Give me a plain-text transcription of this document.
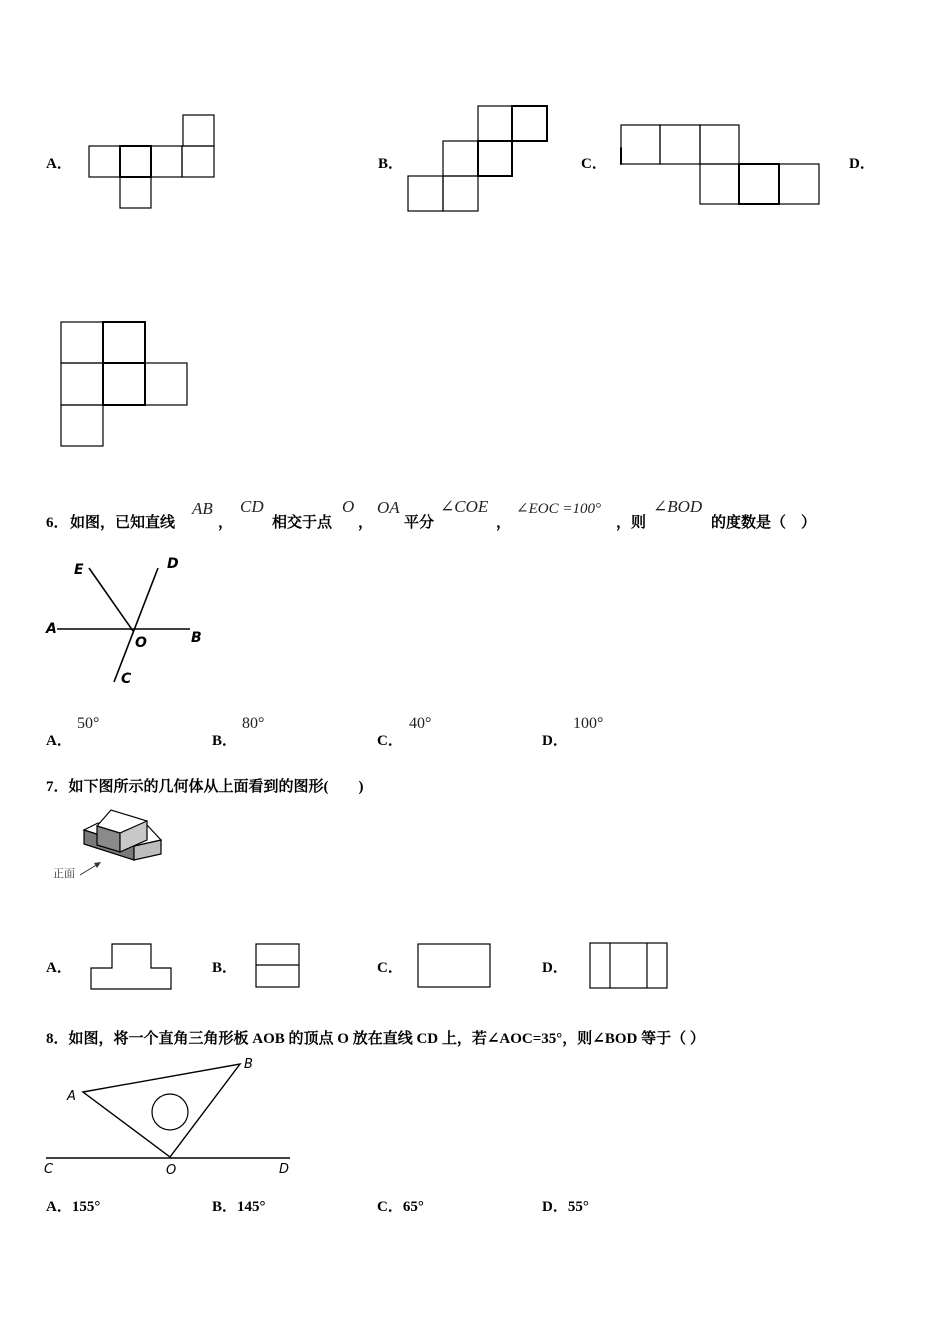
A．	B．	C．	D．
6． 如图，已知直线
AB
，
CD
相交于点
O
，
OA
平分
∠COE
，
∠EOC =100°
，则
∠BOD
的度数是（　）
E	D
A
O	B
C
A．
50°
B．
80°
C．
40°
D．
100°
7．如下图所示的几何体从上面看到的图形(　　)
正面
A．	B．	C．	D．
8．如图，将一个直角三角形板 AOB 的顶点 O 放在直线 CD 上，若∠AOC=35°，则∠BOD 等于（ ）
A
B
C	O	D
A．155°	B．145°	C．65°	D．55°
